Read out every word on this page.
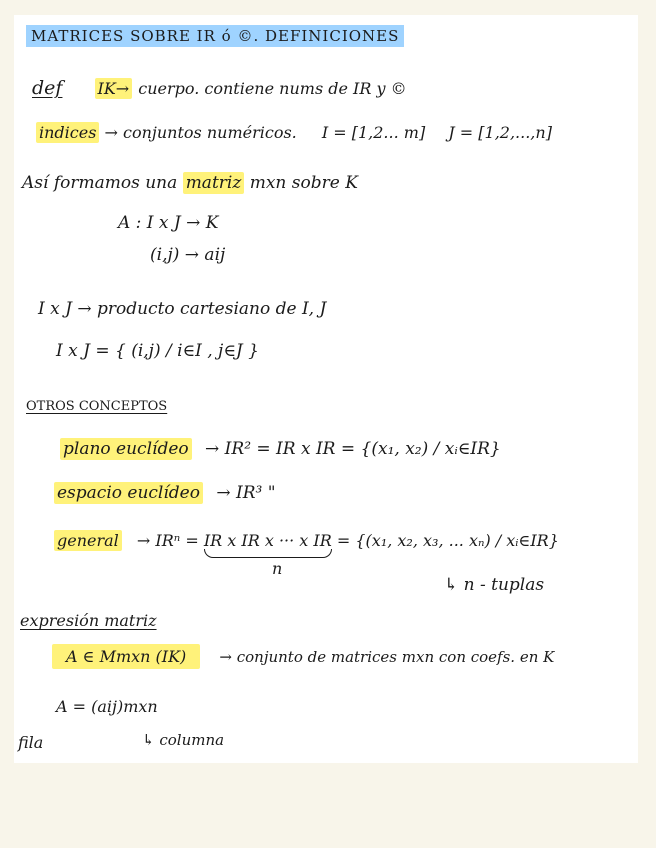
MATRICES SOBRE IR ó ©. DEFINICIONES
def IK→ cuerpo. contiene nums de IR y ©
indices → conjuntos numéricos. I = [1,2... m] J = [1,2,...,n]
Así formamos una matriz mxn sobre K
A : I x J → K
(i,j) → aij
I x J → producto cartesiano de I, J
I x J = { (i,j) / i∈I , j∈J }
OTROS CONCEPTOS
plano euclídeo → IR² = IR x IR = {(x₁, x₂) / xᵢ∈IR}
espacio euclídeo → IR³ "
general → IRⁿ = IR x IR x ··· x IR = {(x₁, x₂, x₃, ... xₙ) / xᵢ∈IR}
n
↳ n - tuplas
expresión matriz
A ∈ Mmxn (IK) → conjunto de matrices mxn con coefs. en K
A = (aij)mxn
fila	↳ columna
